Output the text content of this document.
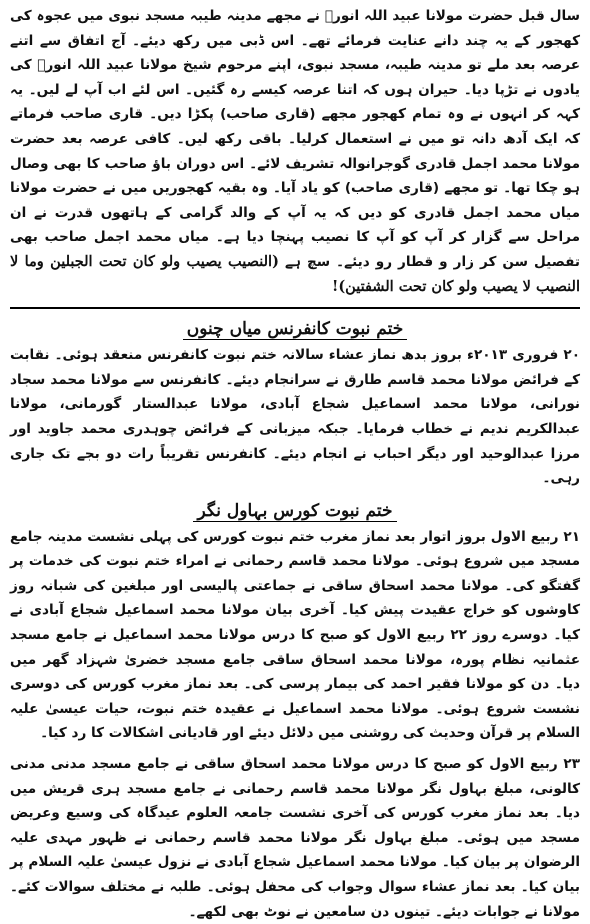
سال قبل حضرت مولانا عبید اللہ انورؒ نے مجھے مدینہ طیبہ مسجد نبوی میں عجوہ کی کھجور کے یہ چند دانے عنایت فرمائے تھے۔ اس ڈبی میں رکھ دیئے۔ آج اتفاق سے اتنے عرصہ بعد ملے تو مدینہ طیبہ، مسجد نبوی، اپنے مرحوم شیخ مولانا عبید اللہ انورؒ کی یادوں نے تڑپا دیا۔ حیران ہوں کہ اتنا عرصہ کیسے رہ گئیں۔ اس لئے اب آپ لے لیں۔ یہ کہہ کر انہوں نے وہ تمام کھجور مجھے (قاری صاحب) پکڑا دیں۔ قاری صاحب فرماتے کہ ایک آدھ دانہ تو میں نے استعمال کرلیا۔ باقی رکھ لیں۔ کافی عرصہ بعد حضرت مولانا محمد اجمل قادری گوجرانوالہ تشریف لائے۔ اس دوران باؤ صاحب کا بھی وصال ہو چکا تھا۔ تو مجھے (قاری صاحب) کو یاد آیا۔ وہ بقیہ کھجوریں میں نے حضرت مولانا میاں محمد اجمل قادری کو دیں کہ یہ آپ کے والد گرامی کے ہاتھوں قدرت نے ان مراحل سے گزار کر آپ کو آپ کا نصیب پہنچا دیا ہے۔ میاں محمد اجمل صاحب بھی تفصیل سن کر زار و قطار رو دیئے۔ سچ ہے (النصیب یصیب ولو کان تحت الجبلین وما لا النصیب لا یصیب ولو کان تحت الشفتین)!

ختم نبوت کانفرنس میاں چنوں

۲۰ فروری ۲۰۱۳ء بروز بدھ نماز عشاء سالانہ ختم نبوت کانفرنس منعقد ہوئی۔ نقابت کے فرائض مولانا محمد قاسم طارق نے سرانجام دیئے۔ کانفرنس سے مولانا محمد سجاد نورانی، مولانا محمد اسماعیل شجاع آبادی، مولانا عبدالستار گورمانی، مولانا عبدالکریم ندیم نے خطاب فرمایا۔ جبکہ میزبانی کے فرائض چوہدری محمد جاوید اور مرزا عبدالوحید اور دیگر احباب نے انجام دیئے۔ کانفرنس تقریباً رات دو بجے تک جاری رہی۔

ختم نبوت کورس بہاول نگر

۲۱ ربیع الاول بروز اتوار بعد نماز مغرب ختم نبوت کورس کی پہلی نشست مدینہ جامع مسجد میں شروع ہوئی۔ مولانا محمد قاسم رحمانی نے امراء ختم نبوت کی خدمات پر گفتگو کی۔ مولانا محمد اسحاق ساقی نے جماعتی پالیسی اور مبلغین کی شبانہ روز کاوشوں کو خراج عقیدت پیش کیا۔ آخری بیان مولانا محمد اسماعیل شجاع آبادی نے کیا۔ دوسرے روز ۲۲ ربیع الاول کو صبح کا درس مولانا محمد اسماعیل نے جامع مسجد عثمانیہ نظام پورہ، مولانا محمد اسحاق ساقی جامع مسجد خضریٰ شہزاد گھر میں دیا۔ دن کو مولانا فقیر احمد کی بیمار پرسی کی۔ بعد نماز مغرب کورس کی دوسری نشست شروع ہوئی۔ مولانا محمد اسماعیل نے عقیدہ ختم نبوت، حیات عیسیٰ علیہ السلام پر قرآن وحدیث کی روشنی میں دلائل دیئے اور قادیانی اشکالات کا رد کیا۔

۲۳ ربیع الاول کو صبح کا درس مولانا محمد اسحاق ساقی نے جامع مسجد مدنی مدنی کالونی، مبلغ بہاول نگر مولانا محمد قاسم رحمانی نے جامع مسجد ہری قریش میں دیا۔ بعد نماز مغرب کورس کی آخری نشست جامعہ العلوم عیدگاہ کی وسیع وعریض مسجد میں ہوئی۔ مبلغ بہاول نگر مولانا محمد قاسم رحمانی نے ظہور مہدی علیہ الرضوان پر بیان کیا۔ مولانا محمد اسماعیل شجاع آبادی نے نزول عیسیٰ علیہ السلام پر بیان کیا۔ بعد نماز عشاء سوال وجواب کی محفل ہوئی۔ طلبہ نے مختلف سوالات کئے۔ مولانا نے جوابات دیئے۔ تینوں دن سامعین نے نوٹ بھی لکھے۔
